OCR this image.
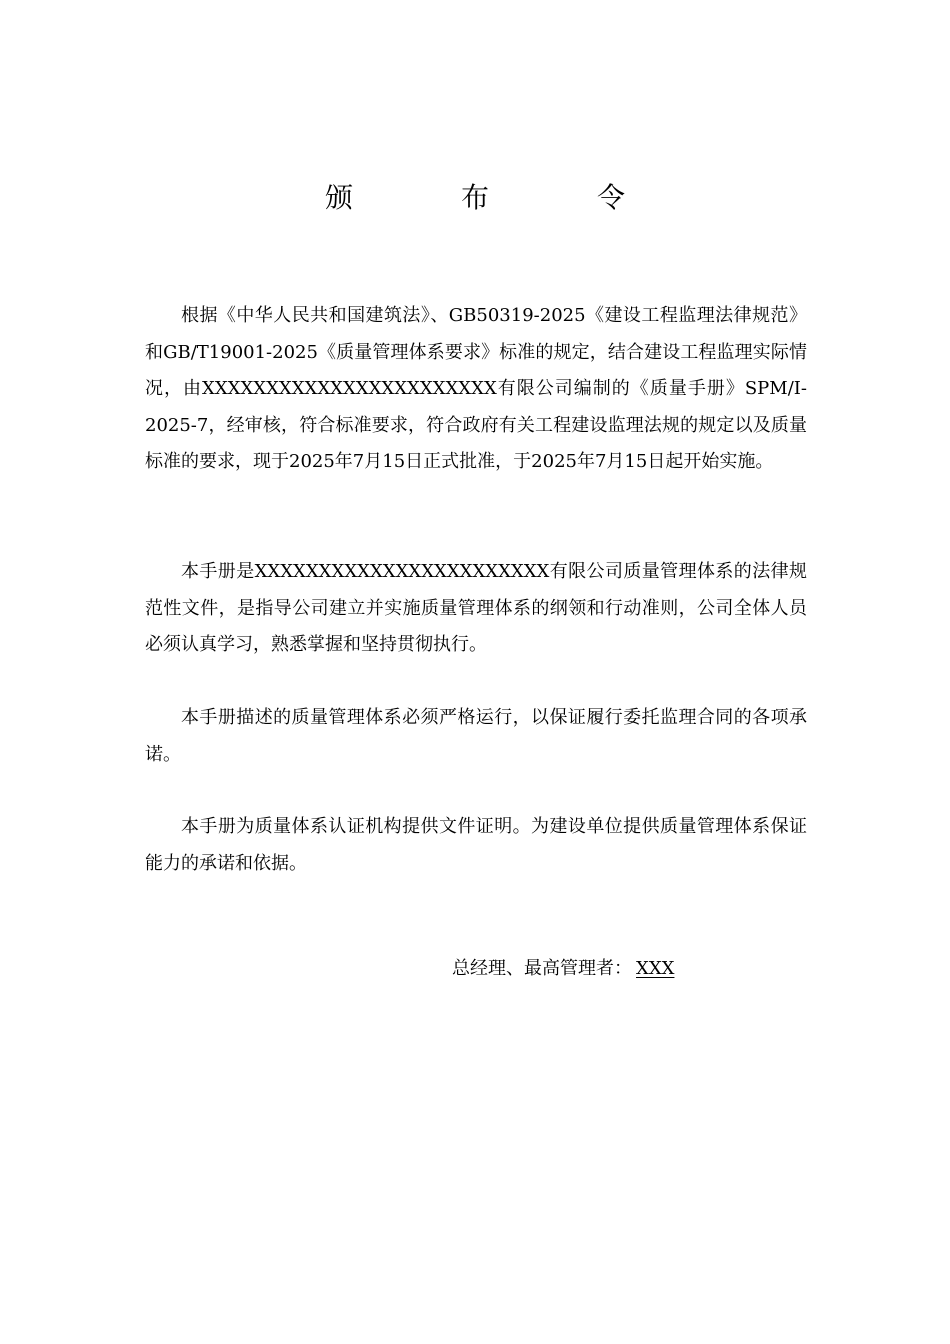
颁　布　令

根据《中华人民共和国建筑法》、GB50319-2025《建设工程监理法律规范》和GB/T19001-2025《质量管理体系要求》标准的规定，结合建设工程监理实际情况，由XXXXXXXXXXXXXXXXXXXXXXX有限公司编制的《质量手册》SPM/I-2025-7，经审核，符合标准要求，符合政府有关工程建设监理法规的规定以及质量标准的要求，现于2025年7月15日正式批准，于2025年7月15日起开始实施。

本手册是XXXXXXXXXXXXXXXXXXXXXXX有限公司质量管理体系的法律规范性文件，是指导公司建立并实施质量管理体系的纲领和行动准则，公司全体人员必须认真学习，熟悉掌握和坚持贯彻执行。

本手册描述的质量管理体系必须严格运行，以保证履行委托监理合同的各项承诺。

本手册为质量体系认证机构提供文件证明。为建设单位提供质量管理体系保证能力的承诺和依据。

总经理、最高管理者： XXX
